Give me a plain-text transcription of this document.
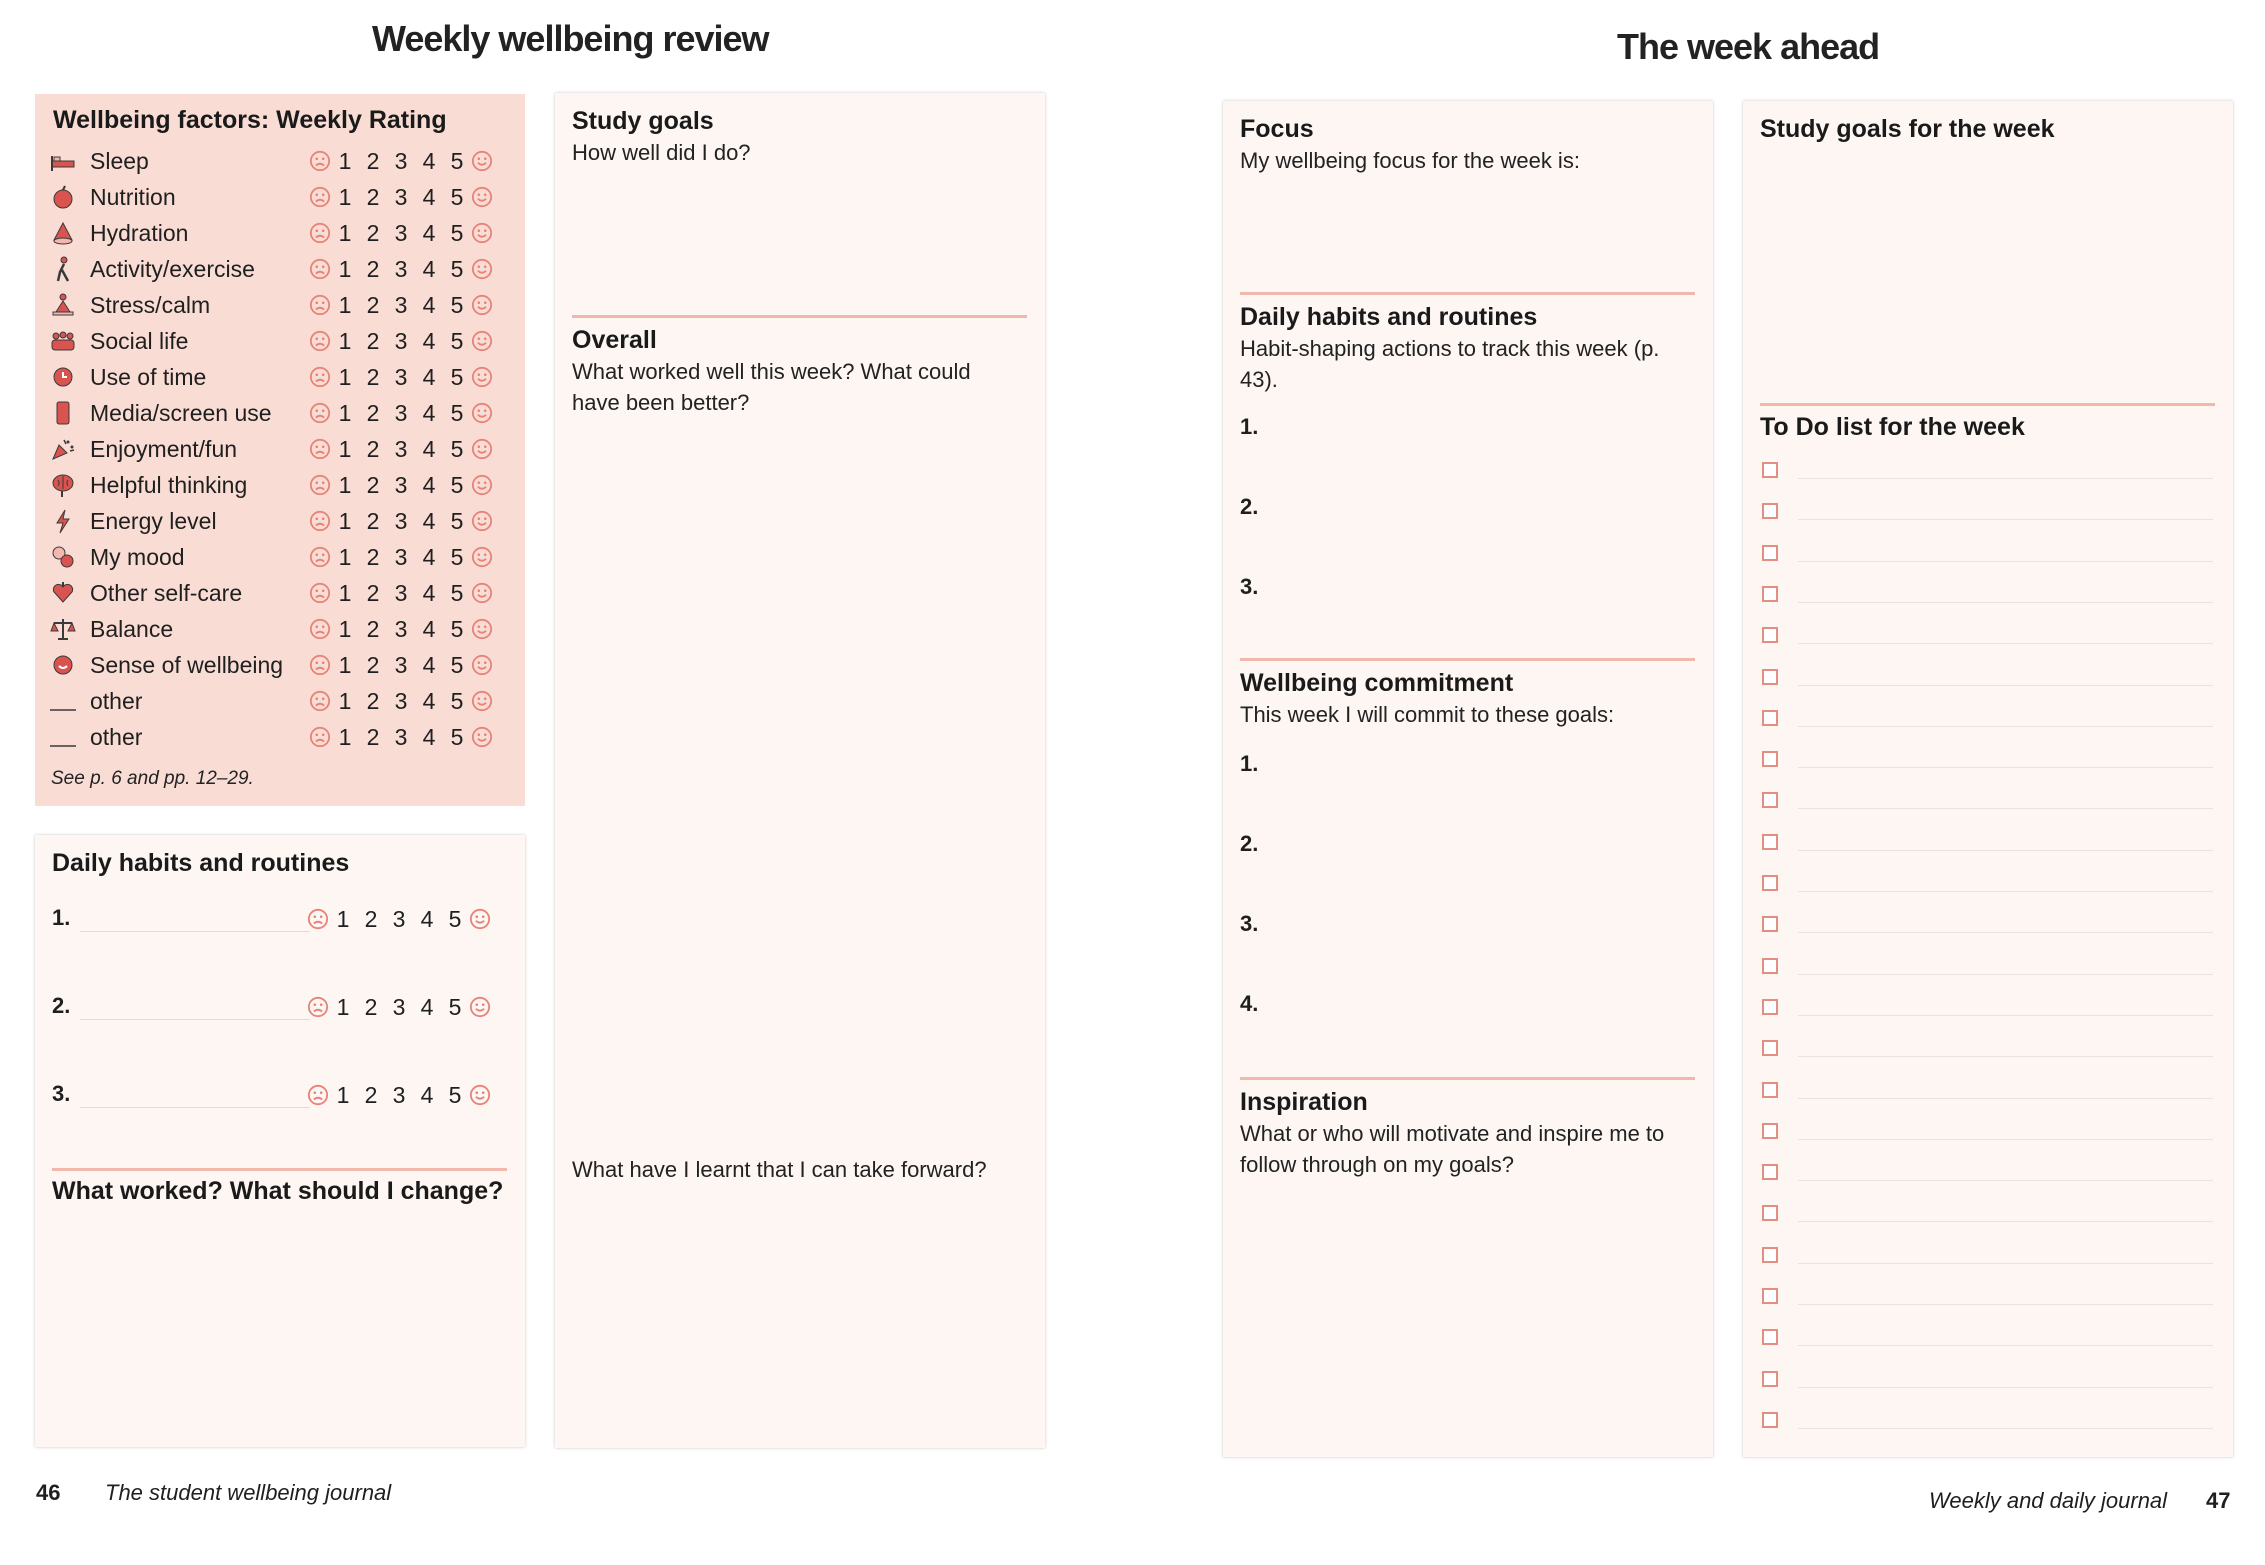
Weekly wellbeing review
Wellbeing factors: Weekly Rating
Sleep	1 2 3 4 5
Nutrition	1 2 3 4 5
Hydration	1 2 3 4 5
Activity/exercise	1 2 3 4 5
Stress/calm	1 2 3 4 5
Social life	1 2 3 4 5
Use of time	1 2 3 4 5
Media/screen use	1 2 3 4 5
Enjoyment/fun	1 2 3 4 5
Helpful thinking	1 2 3 4 5
Energy level	1 2 3 4 5
My mood	1 2 3 4 5
Other self-care	1 2 3 4 5
Balance	1 2 3 4 5
Sense of wellbeing	1 2 3 4 5
other	1 2 3 4 5
other	1 2 3 4 5
See p. 6 and pp. 12–29.
Daily habits and routines
1.	1 2 3 4 5
2.	1 2 3 4 5
3.	1 2 3 4 5
What worked? What should I change?
Study goals
How well did I do?
Overall
What worked well this week? What could have been better?
What have I learnt that I can take forward?
46 The student wellbeing journal
The week ahead
Focus
My wellbeing focus for the week is:
Daily habits and routines
Habit-shaping actions to track this week (p. 43).
1.
2.
3.
Wellbeing commitment
This week I will commit to these goals:
1.
2.
3.
4.
Inspiration
What or who will motivate and inspire me to follow through on my goals?
Study goals for the week
To Do list for the week
Weekly and daily journal 47
